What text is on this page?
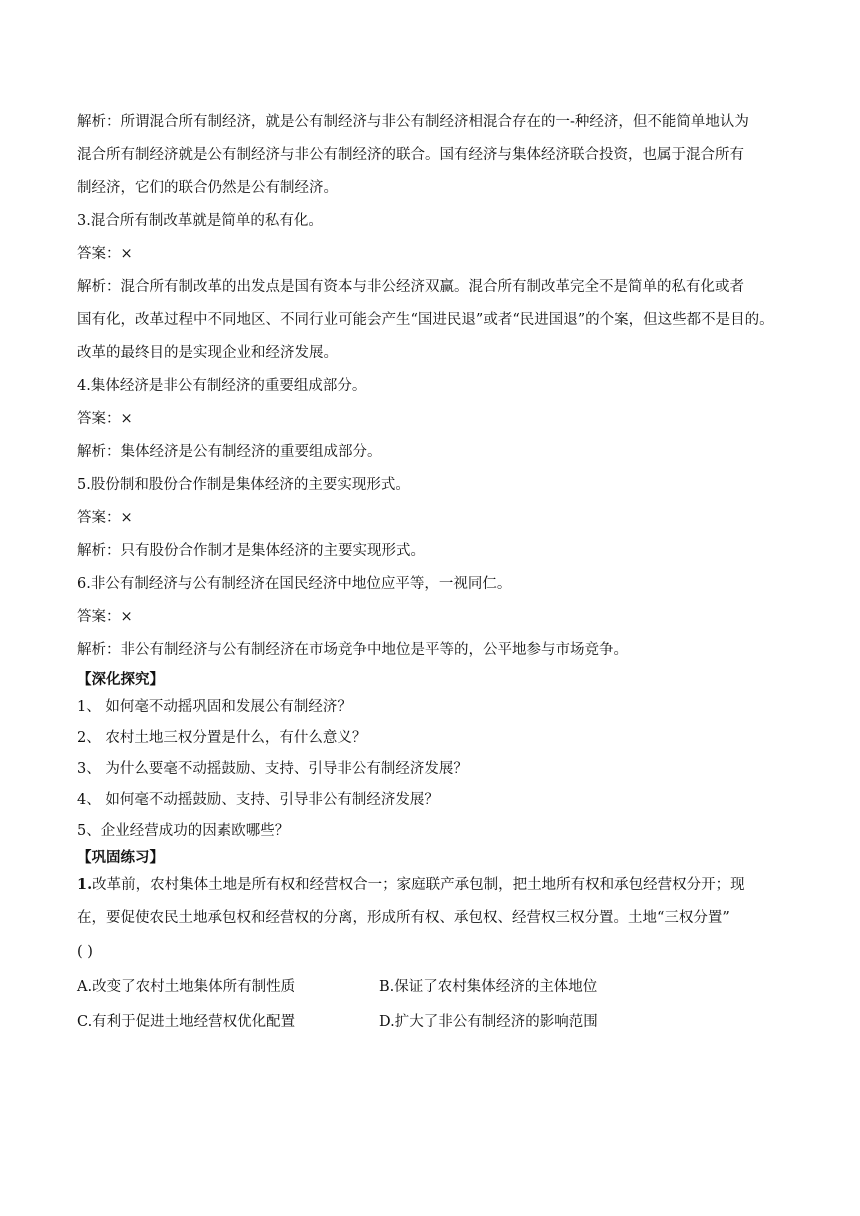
解析：所谓混合所有制经济，就是公有制经济与非公有制经济相混合存在的一-种经济，但不能简单地认为
混合所有制经济就是公有制经济与非公有制经济的联合。国有经济与集体经济联合投资，也属于混合所有
制经济，它们的联合仍然是公有制经济。
3.混合所有制改革就是简单的私有化。
答案：×
解析：混合所有制改革的出发点是国有资本与非公经济双赢。混合所有制改革完全不是简单的私有化或者
国有化，改革过程中不同地区、不同行业可能会产生“国进民退”或者“民进国退”的个案，但这些都不是目的。
改革的最终目的是实现企业和经济发展。
4.集体经济是非公有制经济的重要组成部分。
答案：×
解析：集体经济是公有制经济的重要组成部分。
5.股份制和股份合作制是集体经济的主要实现形式。
答案：×
解析：只有股份合作制才是集体经济的主要实现形式。
6.非公有制经济与公有制经济在国民经济中地位应平等，一视同仁。
答案：×
解析：非公有制经济与公有制经济在市场竞争中地位是平等的，公平地参与市场竞争。
【深化探究】
1、 如何毫不动摇巩固和发展公有制经济？
2、 农村土地三权分置是什么，有什么意义？
3、 为什么要毫不动摇鼓励、支持、引导非公有制经济发展？
4、 如何毫不动摇鼓励、支持、引导非公有制经济发展？
5、企业经营成功的因素欧哪些？
【巩固练习】
1.改革前，农村集体土地是所有权和经营权合一；家庭联产承包制，把土地所有权和承包经营权分开；现
在，要促使农民土地承包权和经营权的分离，形成所有权、承包权、经营权三权分置。土地“三权分置”
( )
A.改变了农村土地集体所有制性质	B.保证了农村集体经济的主体地位
C.有利于促进土地经营权优化配置	D.扩大了非公有制经济的影响范围
